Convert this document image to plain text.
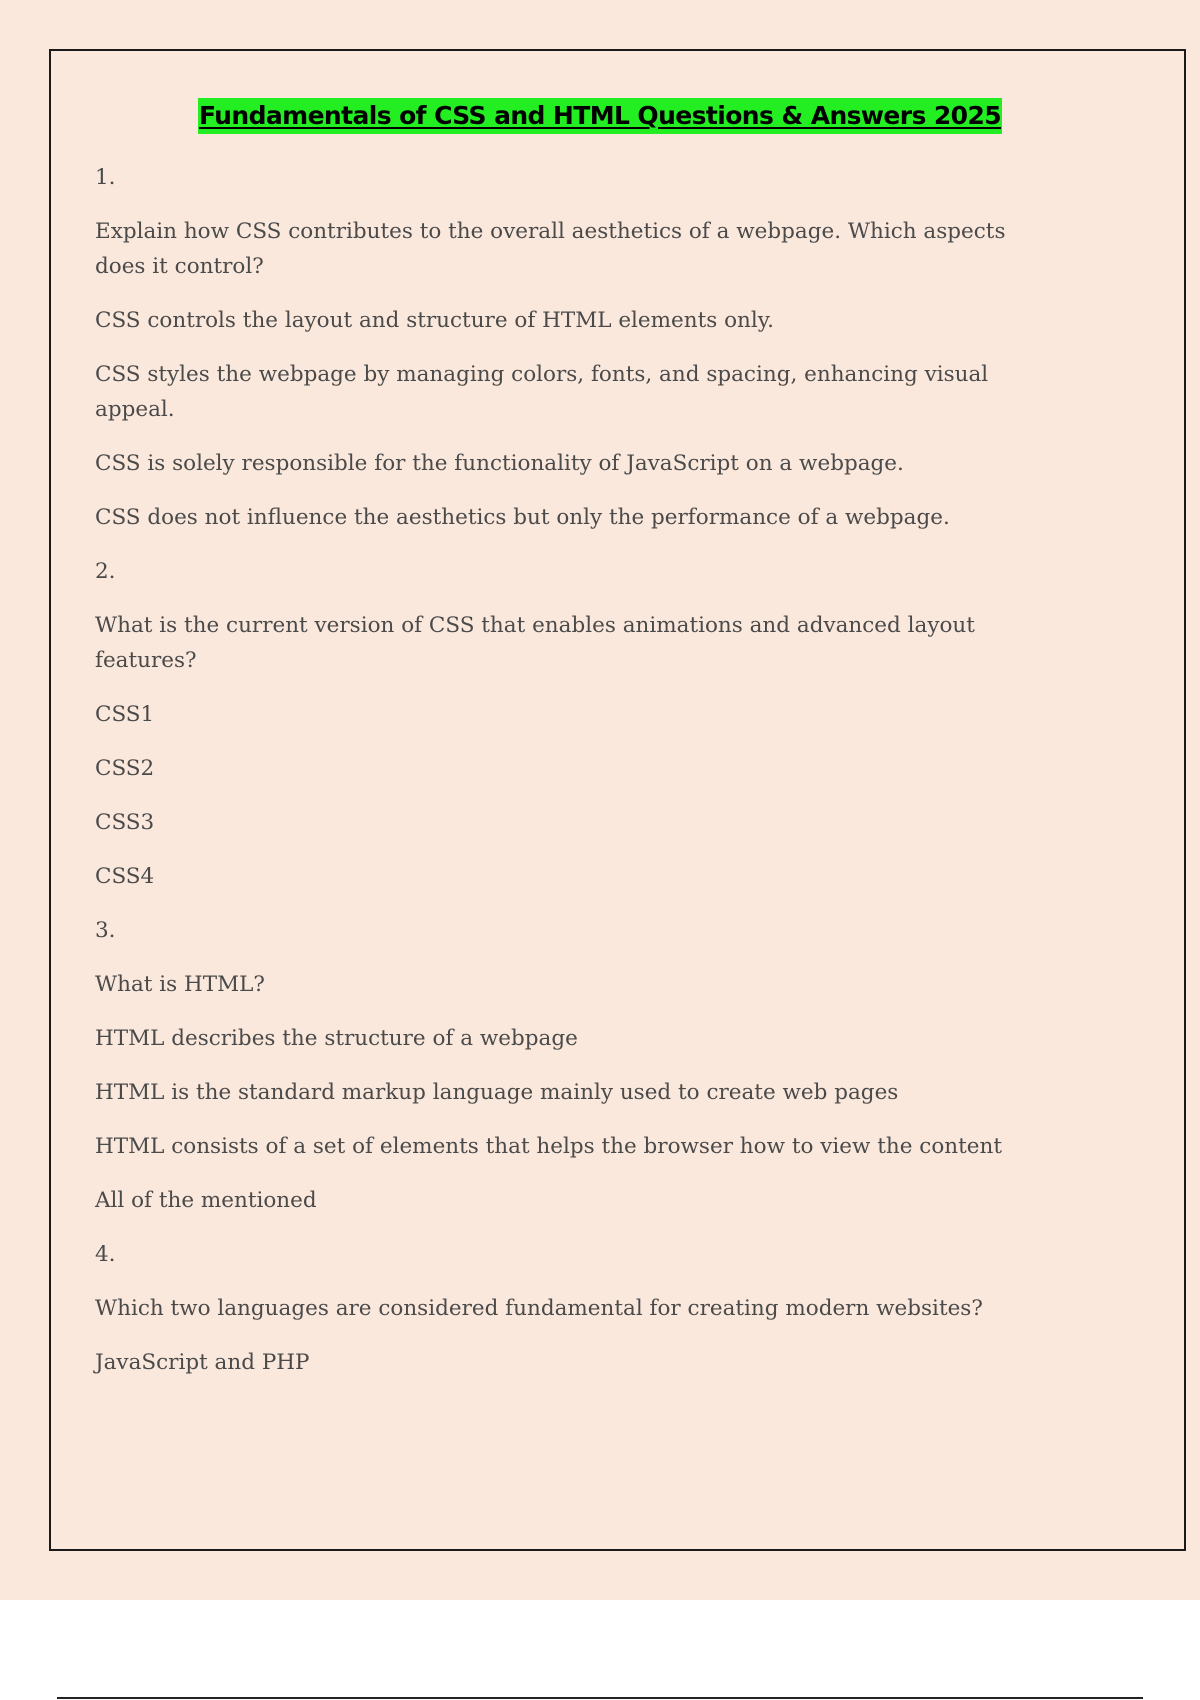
Fundamentals of CSS and HTML Questions & Answers 2025

1.

Explain how CSS contributes to the overall aesthetics of a webpage. Which aspects does it control?

CSS controls the layout and structure of HTML elements only.

CSS styles the webpage by managing colors, fonts, and spacing, enhancing visual appeal.

CSS is solely responsible for the functionality of JavaScript on a webpage.

CSS does not influence the aesthetics but only the performance of a webpage.

2.

What is the current version of CSS that enables animations and advanced layout features?

CSS1

CSS2

CSS3

CSS4

3.

What is HTML?

HTML describes the structure of a webpage

HTML is the standard markup language mainly used to create web pages

HTML consists of a set of elements that helps the browser how to view the content

All of the mentioned

4.

Which two languages are considered fundamental for creating modern websites?

JavaScript and PHP
